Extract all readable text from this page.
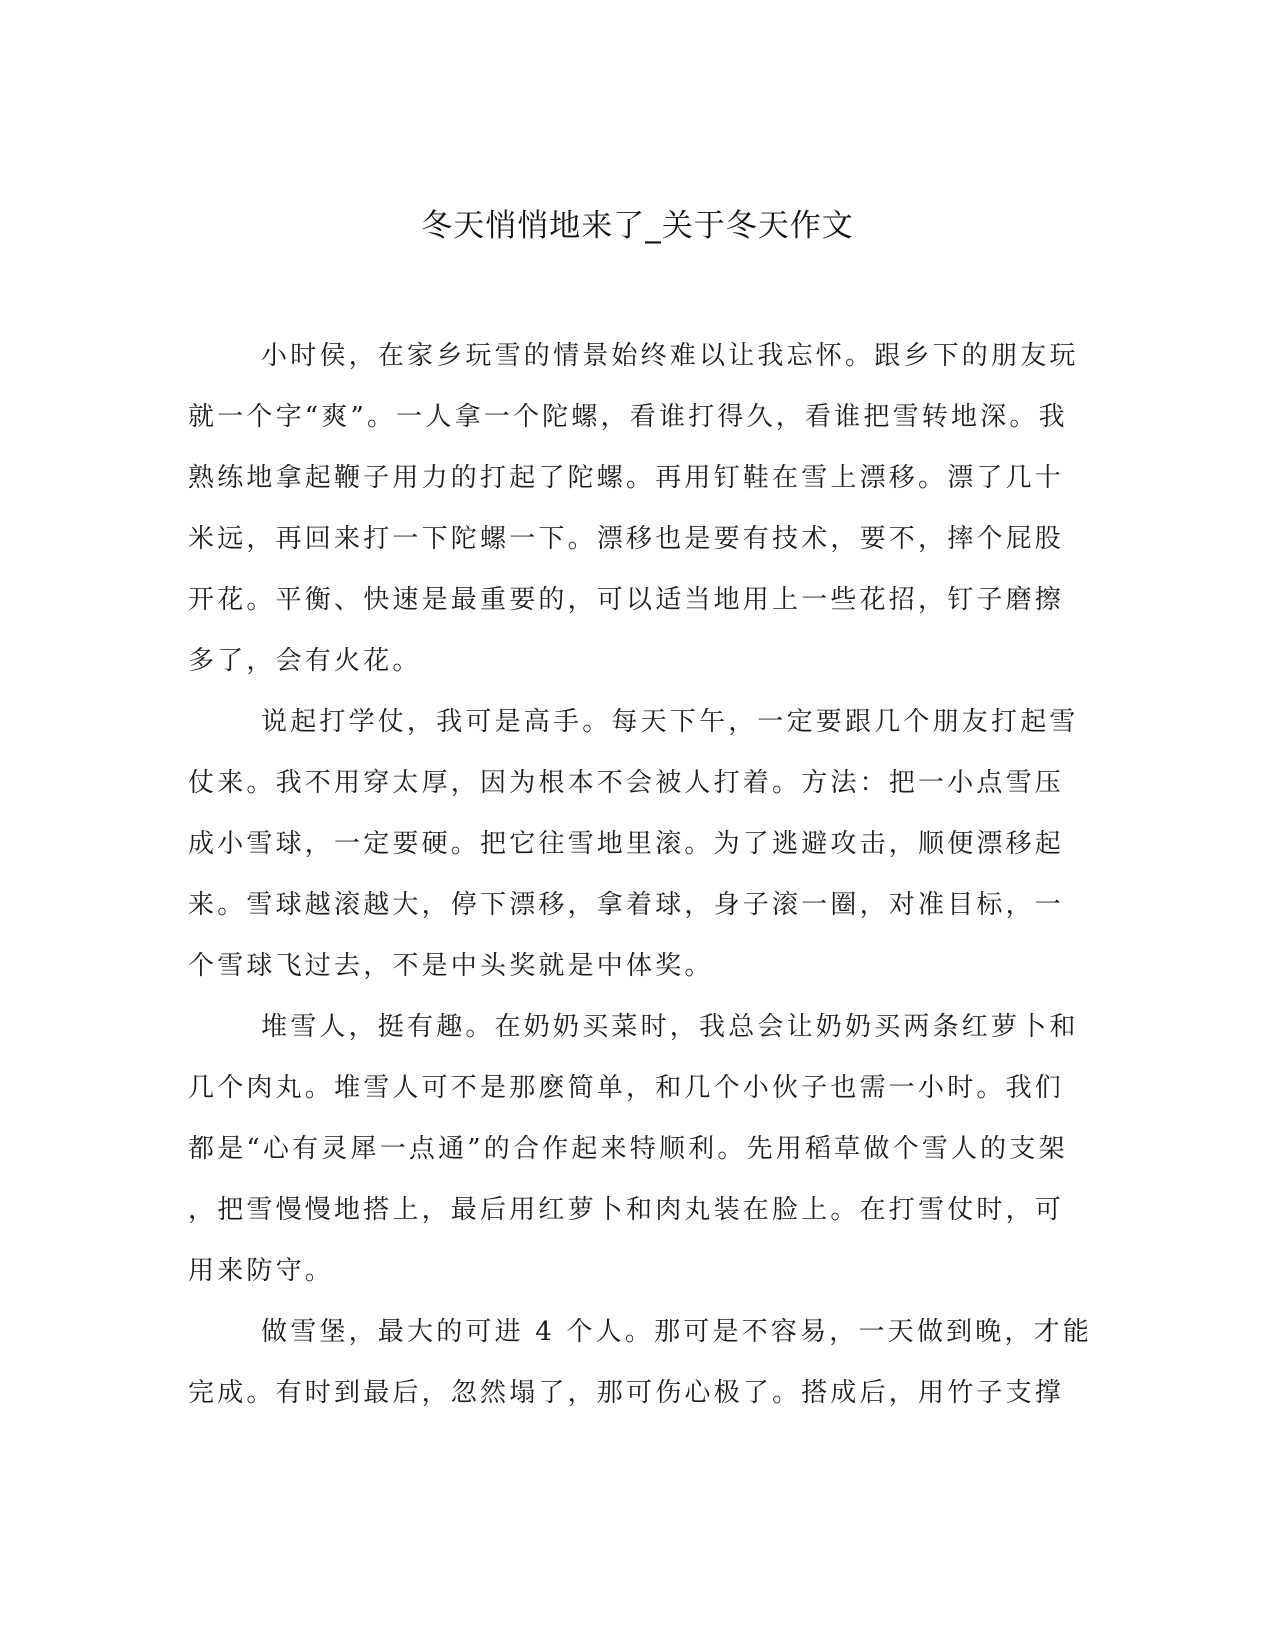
冬天悄悄地来了_关于冬天作文
小时侯，在家乡玩雪的情景始终难以让我忘怀。跟乡下的朋友玩
就一个字“爽”。一人拿一个陀螺，看谁打得久，看谁把雪转地深。我
熟练地拿起鞭子用力的打起了陀螺。再用钉鞋在雪上漂移。漂了几十
米远，再回来打一下陀螺一下。漂移也是要有技术，要不，摔个屁股
开花。平衡、快速是最重要的，可以适当地用上一些花招，钉子磨擦
多了，会有火花。
说起打学仗，我可是高手。每天下午，一定要跟几个朋友打起雪
仗来。我不用穿太厚，因为根本不会被人打着。方法：把一小点雪压
成小雪球，一定要硬。把它往雪地里滚。为了逃避攻击，顺便漂移起
来。雪球越滚越大，停下漂移，拿着球，身子滚一圈，对准目标，一
个雪球飞过去，不是中头奖就是中体奖。
堆雪人，挺有趣。在奶奶买菜时，我总会让奶奶买两条红萝卜和
几个肉丸。堆雪人可不是那麽简单，和几个小伙子也需一小时。我们
都是“心有灵犀一点通”的合作起来特顺利。先用稻草做个雪人的支架
，把雪慢慢地搭上，最后用红萝卜和肉丸装在脸上。在打雪仗时，可
用来防守。
做雪堡，最大的可进 4 个人。那可是不容易，一天做到晚，才能
完成。有时到最后，忽然塌了，那可伤心极了。搭成后，用竹子支撑
